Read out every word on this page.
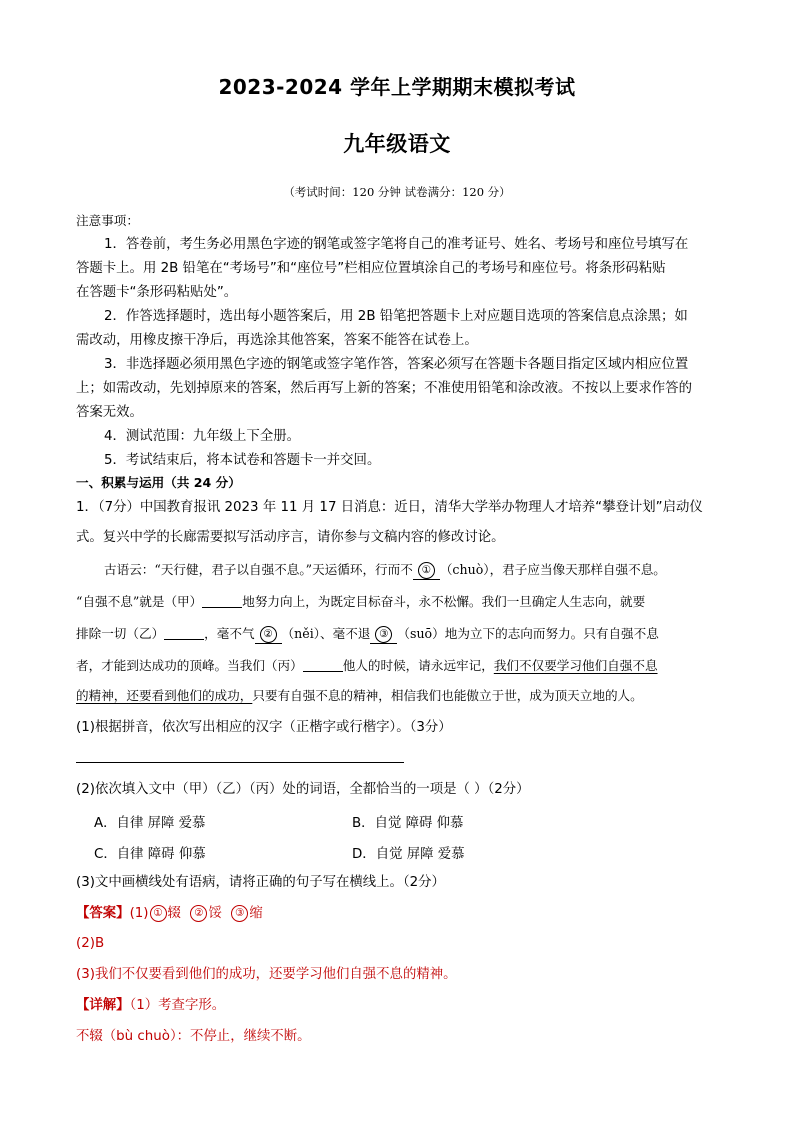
2023-2024 学年上学期期末模拟考试
九年级语文
（考试时间：120 分钟 试卷满分：120 分）
注意事项：
1．答卷前，考生务必用黑色字迹的钢笔或签字笔将自己的准考证号、姓名、考场号和座位号填写在
答题卡上。用 2B 铅笔在“考场号”和“座位号”栏相应位置填涂自己的考场号和座位号。将条形码粘贴
在答题卡“条形码粘贴处”。
2．作答选择题时，选出每小题答案后，用 2B 铅笔把答题卡上对应题目选项的答案信息点涂黑；如
需改动，用橡皮擦干净后，再选涂其他答案，答案不能答在试卷上。
3．非选择题必须用黑色字迹的钢笔或签字笔作答，答案必须写在答题卡各题目指定区域内相应位置
上；如需改动，先划掉原来的答案，然后再写上新的答案；不准使用铅笔和涂改液。不按以上要求作答的
答案无效。
4．测试范围：九年级上下全册。
5．考试结束后，将本试卷和答题卡一并交回。
一、积累与运用（共 24 分）
1．（7分）中国教育报讯 2023 年 11 月 17 日消息：近日，清华大学举办物理人才培养“攀登计划”启动仪
式。复兴中学的长廊需要拟写活动序言，请你参与文稿内容的修改讨论。
古语云：“天行健，君子以自强不息。”天运循环，行而不 ① （chuò），君子应当像天那样自强不息。
“自强不息”就是（甲）	地努力向上，为既定目标奋斗，永不松懈。我们一旦确定人生志向，就要
排除一切（乙）	，毫不气 ② （něi）、毫不退 ③ （suō）地为立下的志向而努力。只有自强不息
者，才能到达成功的顶峰。当我们（丙）	他人的时候，请永远牢记，我们不仅要学习他们自强不息
的精神，还要看到他们的成功，只要有自强不息的精神，相信我们也能傲立于世，成为顶天立地的人。
(1)根据拼音，依次写出相应的汉字（正楷字或行楷字）。（3分）
(2)依次填入文中（甲）（乙）（丙）处的词语，全都恰当的一项是（ ）（2分）
A．自律 屏障 爱慕	B．自觉 障碍 仰慕
C．自律 障碍 仰慕	D．自觉 屏障 爱慕
(3)文中画横线处有语病，请将正确的句子写在横线上。（2分）
【答案】(1) ① 辍 ② 馁 ③ 缩
(2)B
(3)我们不仅要看到他们的成功，还要学习他们自强不息的精神。
【详解】（1）考查字形。
不辍（bù chuò）：不停止，继续不断。
